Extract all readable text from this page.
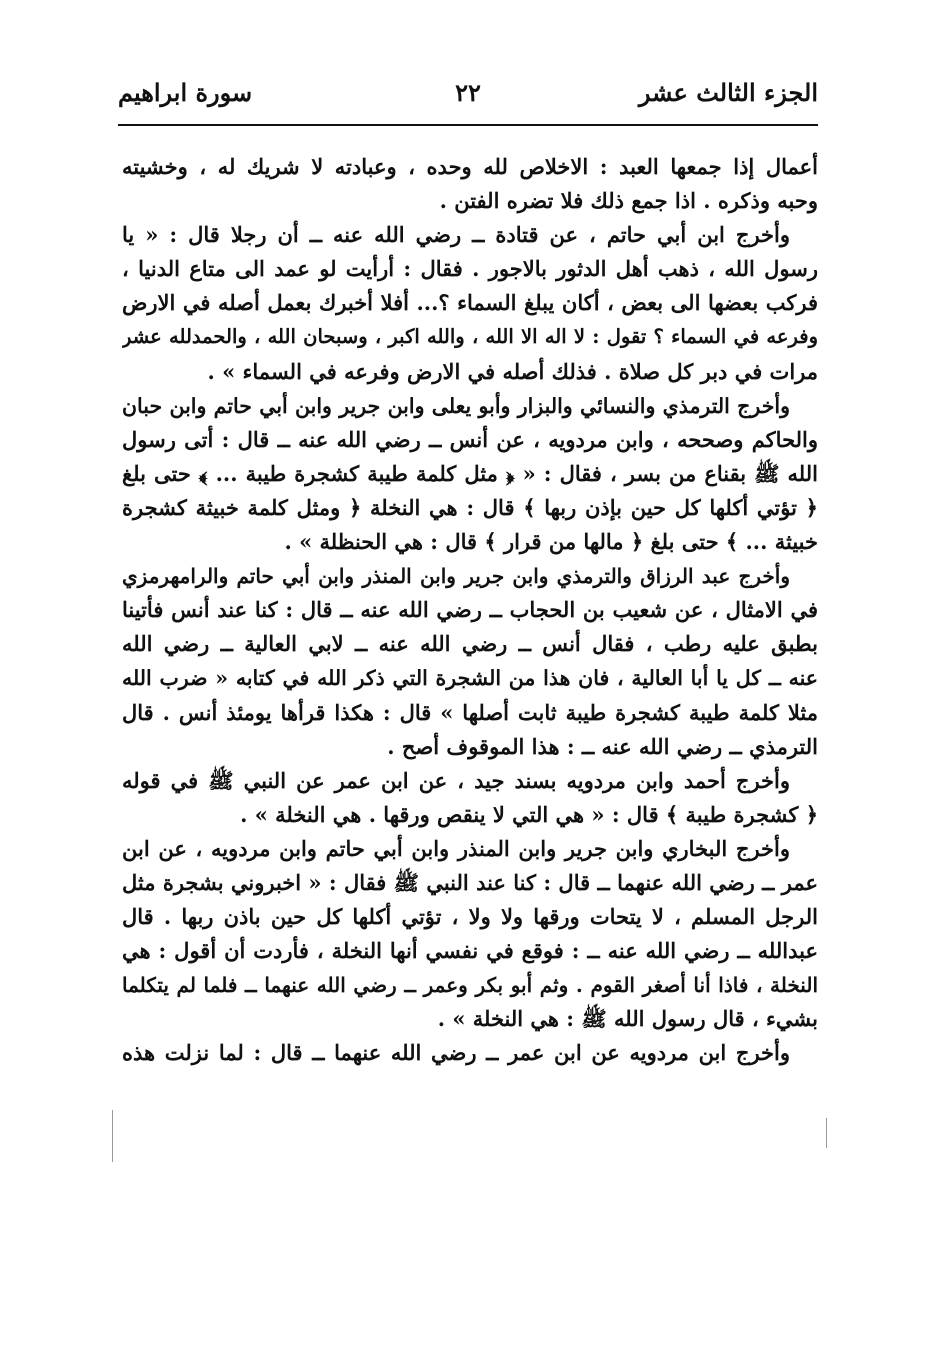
الجزء الثالث عشر
٢٢
سورة ابراهيم
أعمال إذا جمعها العبد : الاخلاص لله وحده ، وعبادته لا شريك له ، وخشيته
وحبه وذكره . اذا جمع ذلك فلا تضره الفتن .
وأخرج ابن أبي حاتم ، عن قتادة ــ رضي الله عنه ــ أن رجلا قال : « يا
رسول الله ، ذهب أهل الدثور بالاجور . فقال : أرأيت لو عمد الى متاع الدنيا ،
فركب بعضها الى بعض ، أكان يبلغ السماء ؟... أفلا أخبرك بعمل أصله في الارض
وفرعه في السماء ؟ تقول : لا اله الا الله ، والله اكبر ، وسبحان الله ، والحمدلله عشر
مرات في دبر كل صلاة . فذلك أصله في الارض وفرعه في السماء » .
وأخرج الترمذي والنسائي والبزار وأبو يعلى وابن جرير وابن أبي حاتم وابن حبان
والحاكم وصححه ، وابن مردويه ، عن أنس ــ رضي الله عنه ــ قال : أتى رسول
الله ﷺ بقناع من بسر ، فقال : « ﴿ مثل كلمة طيبة كشجرة طيبة ... ﴾ حتى بلغ
﴿ تؤتي أكلها كل حين بإذن ربها ﴾ قال : هي النخلة ﴿ ومثل كلمة خبيثة كشجرة
خبيثة ... ﴾ حتى بلغ ﴿ مالها من قرار ﴾ قال : هي الحنظلة » .
وأخرج عبد الرزاق والترمذي وابن جرير وابن المنذر وابن أبي حاتم والرامهرمزي
في الامثال ، عن شعيب بن الحجاب ــ رضي الله عنه ــ قال : كنا عند أنس فأتينا
بطبق عليه رطب ، فقال أنس ــ رضي الله عنه ــ لابي العالية ــ رضي الله
عنه ــ كل يا أبا العالية ، فان هذا من الشجرة التي ذكر الله في كتابه « ضرب الله
مثلا كلمة طيبة كشجرة طيبة ثابت أصلها » قال : هكذا قرأها يومئذ أنس . قال
الترمذي ــ رضي الله عنه ــ : هذا الموقوف أصح .
وأخرج أحمد وابن مردويه بسند جيد ، عن ابن عمر عن النبي ﷺ في قوله
﴿ كشجرة طيبة ﴾ قال : « هي التي لا ينقص ورقها . هي النخلة » .
وأخرج البخاري وابن جرير وابن المنذر وابن أبي حاتم وابن مردويه ، عن ابن
عمر ــ رضي الله عنهما ــ قال : كنا عند النبي ﷺ فقال : « اخبروني بشجرة مثل
الرجل المسلم ، لا يتحات ورقها ولا ولا ، تؤتي أكلها كل حين باذن ربها . قال
عبدالله ــ رضي الله عنه ــ : فوقع في نفسي أنها النخلة ، فأردت أن أقول : هي
النخلة ، فاذا أنا أصغر القوم . وثم أبو بكر وعمر ــ رضي الله عنهما ــ فلما لم يتكلما
بشيء ، قال رسول الله ﷺ : هي النخلة » .
وأخرج ابن مردويه عن ابن عمر ــ رضي الله عنهما ــ قال : لما نزلت هذه
